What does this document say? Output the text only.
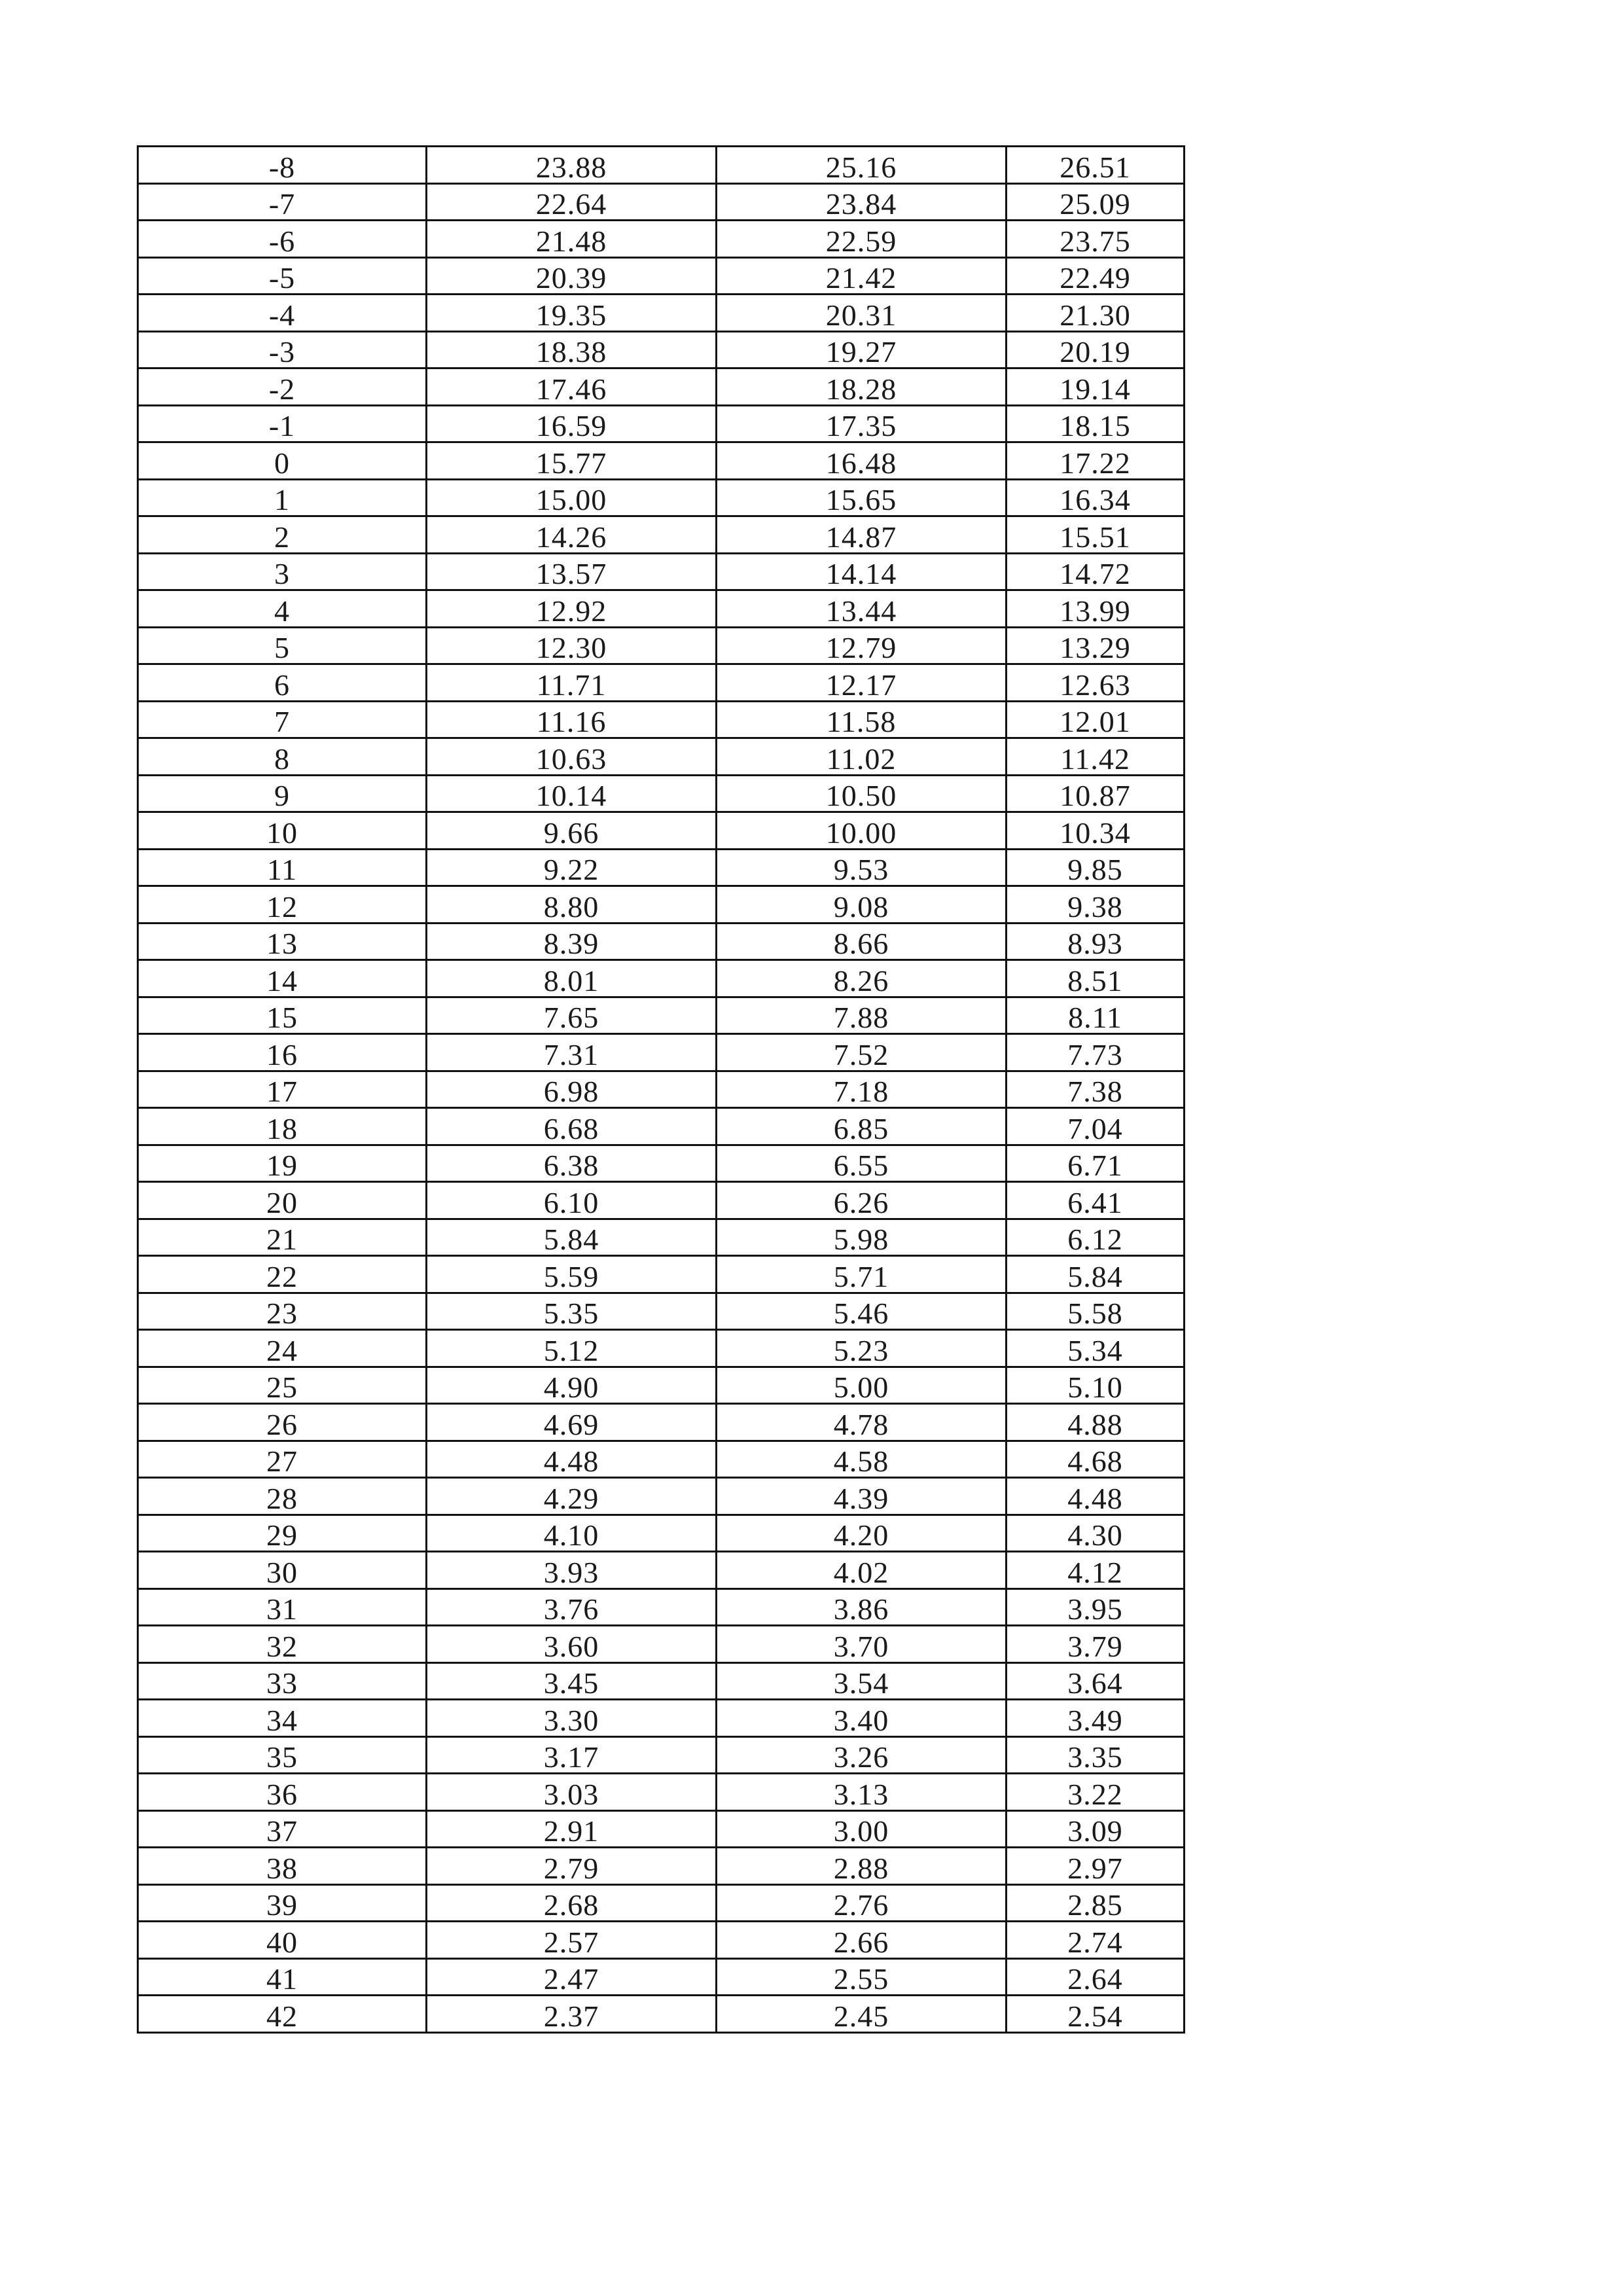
-8	23.88	25.16	26.51
-7	22.64	23.84	25.09
-6	21.48	22.59	23.75
-5	20.39	21.42	22.49
-4	19.35	20.31	21.30
-3	18.38	19.27	20.19
-2	17.46	18.28	19.14
-1	16.59	17.35	18.15
0	15.77	16.48	17.22
1	15.00	15.65	16.34
2	14.26	14.87	15.51
3	13.57	14.14	14.72
4	12.92	13.44	13.99
5	12.30	12.79	13.29
6	11.71	12.17	12.63
7	11.16	11.58	12.01
8	10.63	11.02	11.42
9	10.14	10.50	10.87
10	9.66	10.00	10.34
11	9.22	9.53	9.85
12	8.80	9.08	9.38
13	8.39	8.66	8.93
14	8.01	8.26	8.51
15	7.65	7.88	8.11
16	7.31	7.52	7.73
17	6.98	7.18	7.38
18	6.68	6.85	7.04
19	6.38	6.55	6.71
20	6.10	6.26	6.41
21	5.84	5.98	6.12
22	5.59	5.71	5.84
23	5.35	5.46	5.58
24	5.12	5.23	5.34
25	4.90	5.00	5.10
26	4.69	4.78	4.88
27	4.48	4.58	4.68
28	4.29	4.39	4.48
29	4.10	4.20	4.30
30	3.93	4.02	4.12
31	3.76	3.86	3.95
32	3.60	3.70	3.79
33	3.45	3.54	3.64
34	3.30	3.40	3.49
35	3.17	3.26	3.35
36	3.03	3.13	3.22
37	2.91	3.00	3.09
38	2.79	2.88	2.97
39	2.68	2.76	2.85
40	2.57	2.66	2.74
41	2.47	2.55	2.64
42	2.37	2.45	2.54
